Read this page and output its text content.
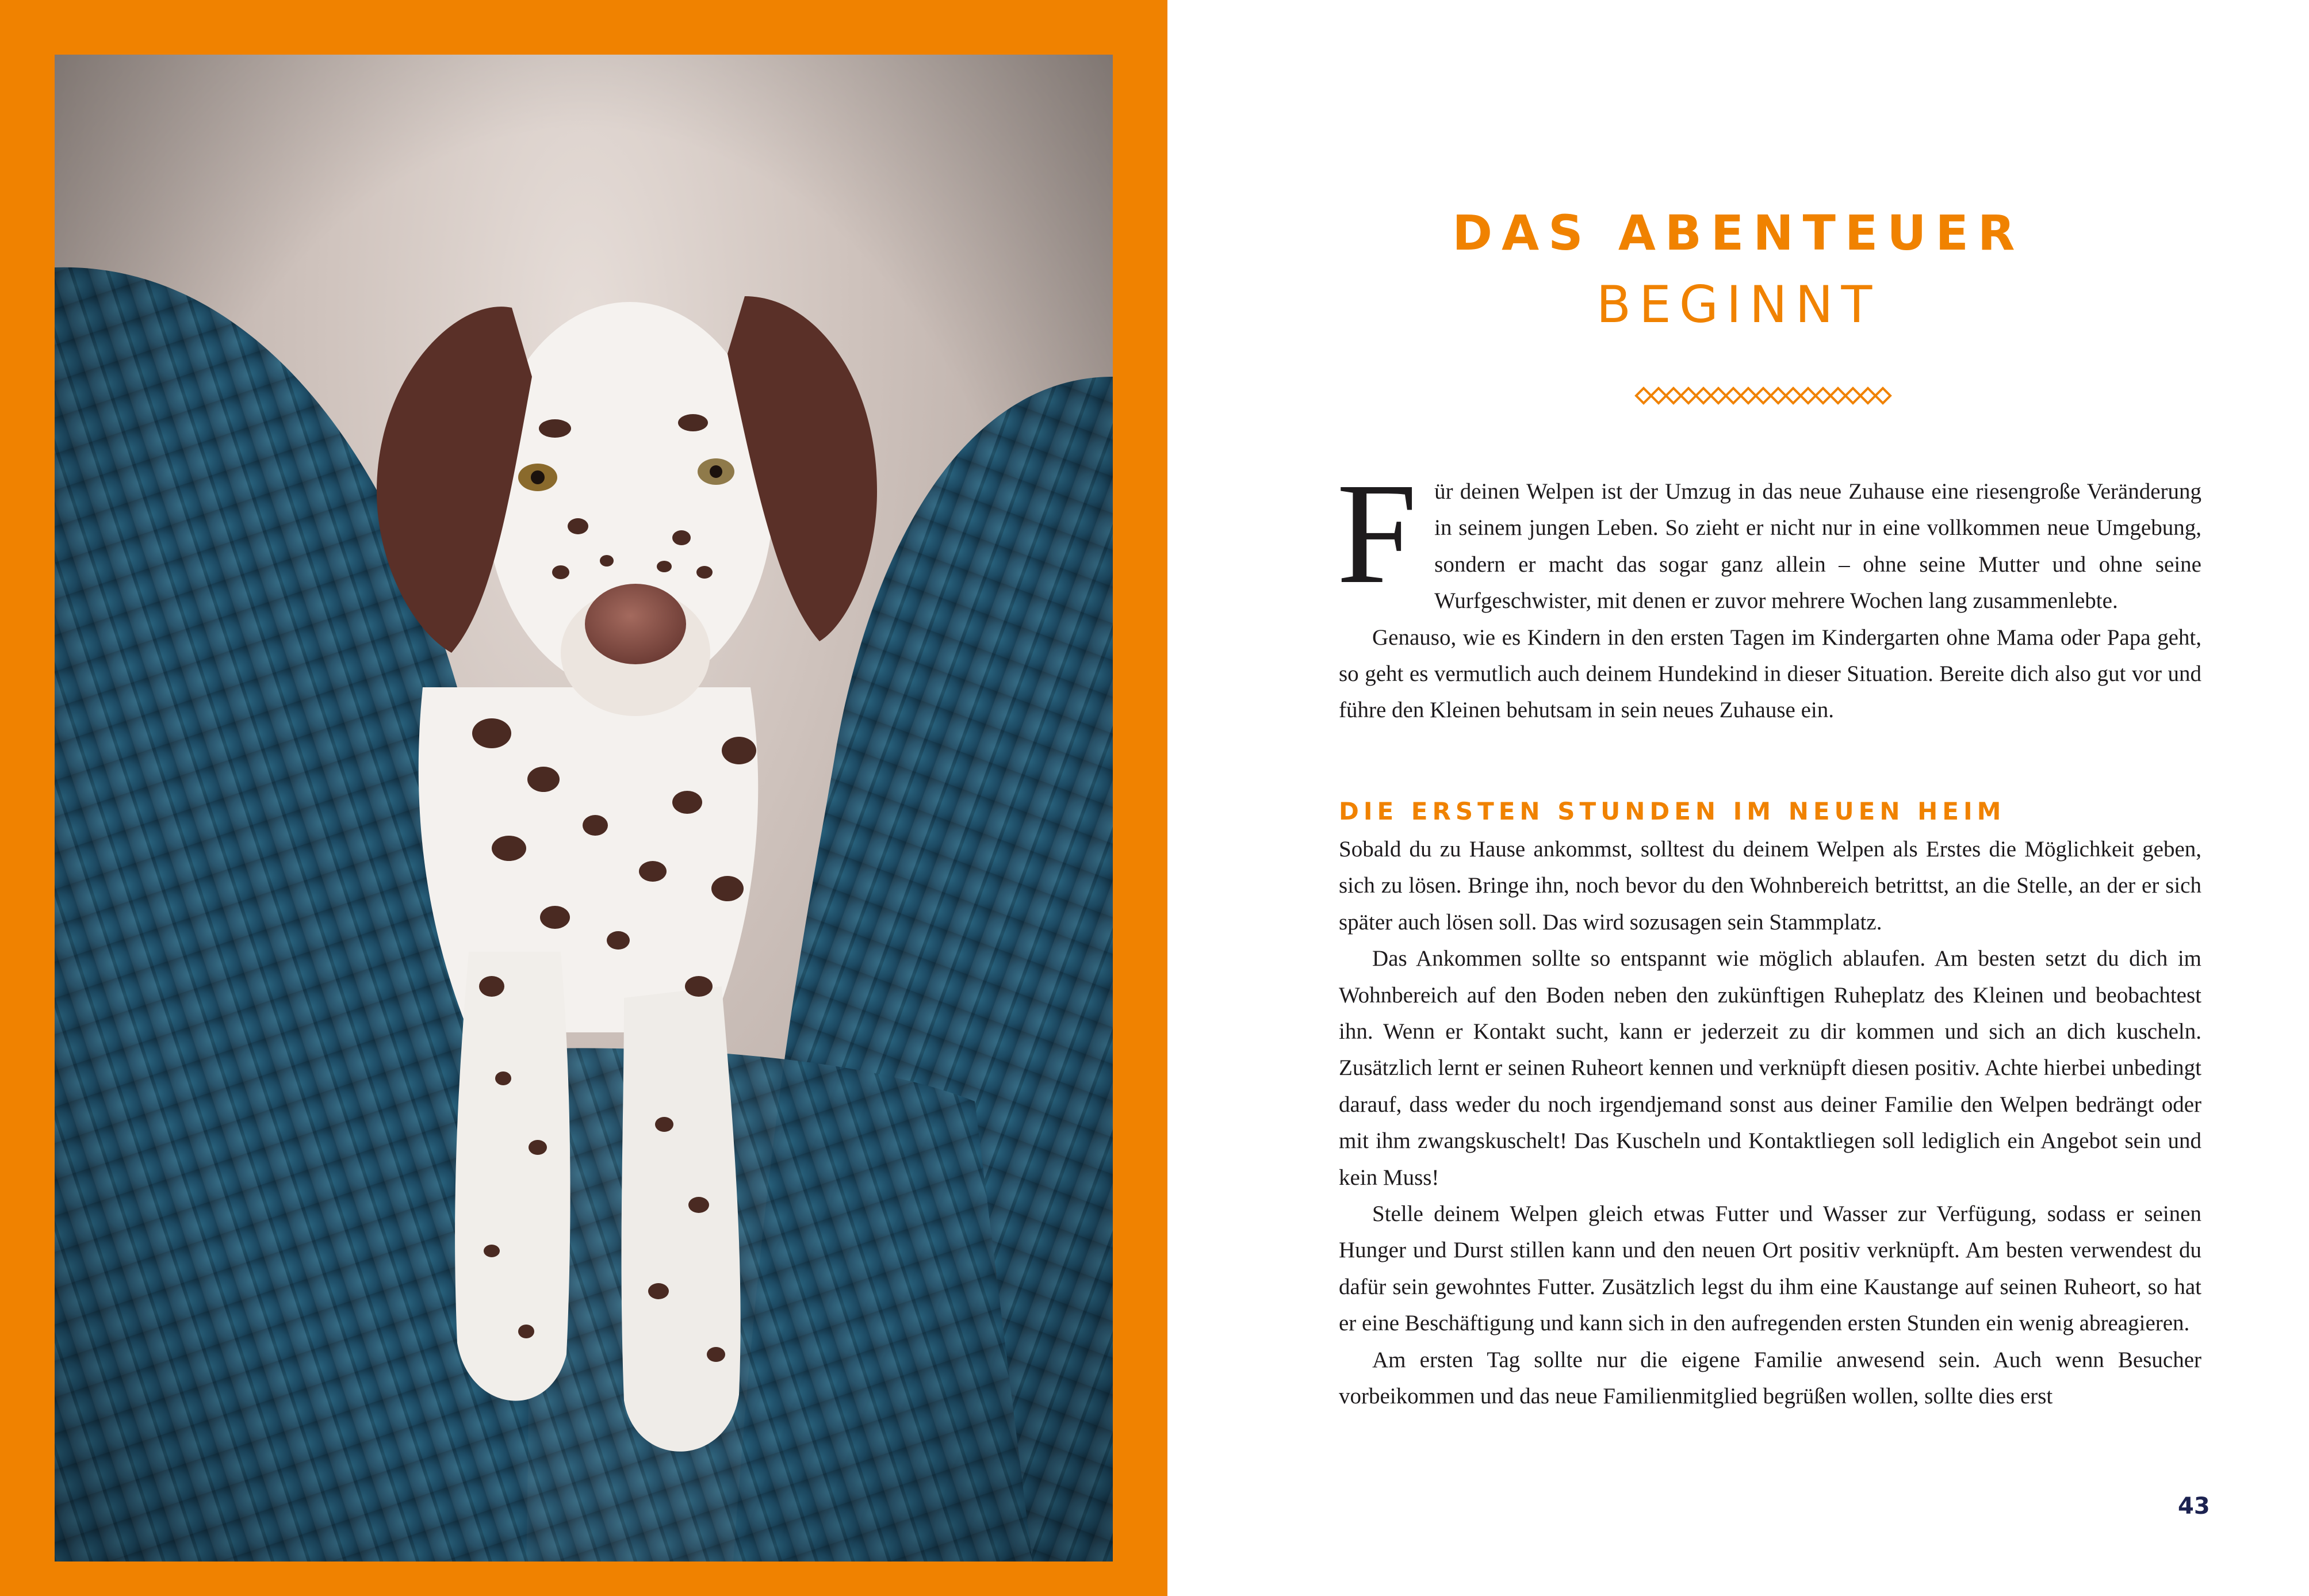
DAS ABENTEUER
BEGINNT

Für deinen Welpen ist der Umzug in das neue Zuhause eine riesengroße Veränderung in seinem jungen Leben. So zieht er nicht nur in eine vollkommen neue Umgebung, sondern er macht das sogar ganz allein – ohne seine Mutter und ohne seine Wurfgeschwister, mit denen er zuvor mehrere Wochen lang zusammenlebte.

Genauso, wie es Kindern in den ersten Tagen im Kindergarten ohne Mama oder Papa geht, so geht es vermutlich auch deinem Hundekind in dieser Situation. Bereite dich also gut vor und führe den Kleinen behutsam in sein neues Zuhause ein.

DIE ERSTEN STUNDEN IM NEUEN HEIM

Sobald du zu Hause ankommst, solltest du deinem Welpen als Erstes die Möglichkeit geben, sich zu lösen. Bringe ihn, noch bevor du den Wohnbereich betrittst, an die Stelle, an der er sich später auch lösen soll. Das wird sozusagen sein Stammplatz.

Das Ankommen sollte so entspannt wie möglich ablaufen. Am besten setzt du dich im Wohnbereich auf den Boden neben den zukünftigen Ruheplatz des Kleinen und beobachtest ihn. Wenn er Kontakt sucht, kann er jederzeit zu dir kommen und sich an dich kuscheln. Zusätzlich lernt er seinen Ruheort kennen und verknüpft diesen positiv. Achte hierbei unbedingt darauf, dass weder du noch irgendjemand sonst aus deiner Familie den Welpen bedrängt oder mit ihm zwangskuschelt! Das Kuscheln und Kontaktliegen soll lediglich ein Angebot sein und kein Muss!

Stelle deinem Welpen gleich etwas Futter und Wasser zur Verfügung, sodass er seinen Hunger und Durst stillen kann und den neuen Ort positiv verknüpft. Am besten verwendest du dafür sein gewohntes Futter. Zusätzlich legst du ihm eine Kaustange auf seinen Ruheort, so hat er eine Beschäftigung und kann sich in den aufregenden ersten Stunden ein wenig abreagieren.

Am ersten Tag sollte nur die eigene Familie anwesend sein. Auch wenn Besucher vorbeikommen und das neue Familienmitglied begrüßen wollen, sollte dies erst

43
